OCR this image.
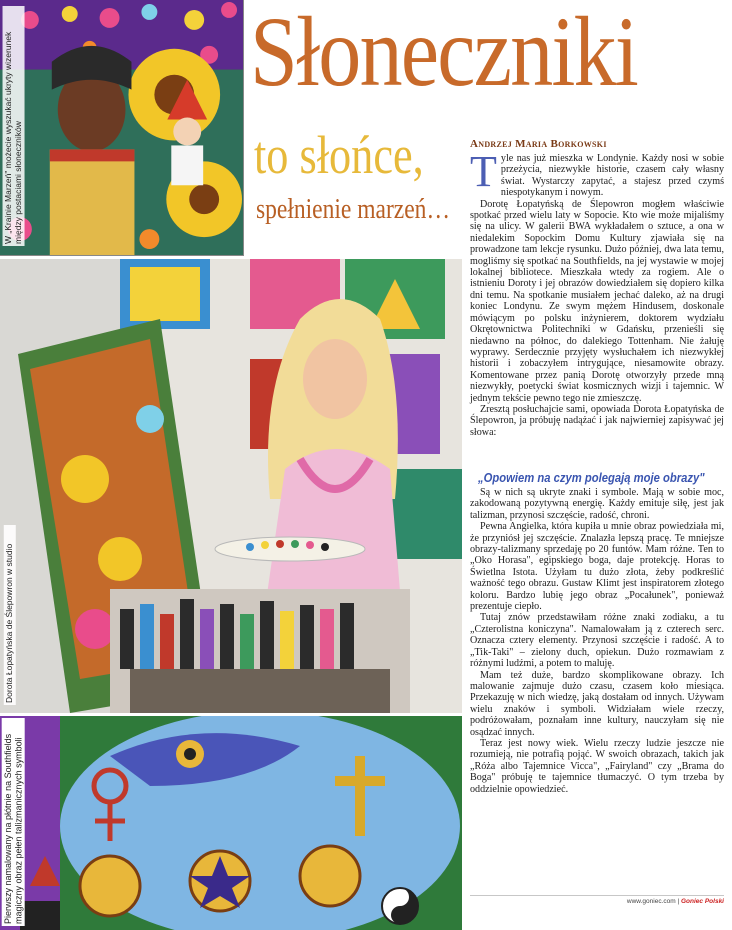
W „Krainie Marzeń" możecie wyszukać ukryty wizerunek między postaciami słoneczników
Słoneczniki
to słońce,
spełnienie marzeń…
Andrzej Maria Borkowski
Dorota Łopatyńska de Ślepowron w studio
Pierwszy namalowany na płótnie na Southfields magiczny obraz pełen talizmanicznych symboli

Tyle nas już mieszka w Londynie. Każdy nosi w sobie przeżycia, niezwykłe historie, czasem cały własny świat. Wystarczy zapytać, a stajesz przed czymś niespotykanym i nowym.

Dorotę Łopatyńską de Ślepowron mogłem właściwie spotkać przed wielu laty w Sopocie. Kto wie może mijaliśmy się na ulicy. W galerii BWA wykładałem o sztuce, a ona w niedalekim Sopockim Domu Kultury zjawiała się na prowadzone tam lekcje rysunku. Dużo później, dwa lata temu, mogliśmy się spotkać na Southfields, na jej wystawie w mojej lokalnej bibliotece. Mieszkała wtedy za rogiem. Ale o istnieniu Doroty i jej obrazów dowiedziałem się dopiero kilka dni temu. Na spotkanie musiałem jechać daleko, aż na drugi koniec Londynu. Ze swym mężem Hindusem, doskonale mówiącym po polsku inżynierem, doktorem wydziału Okrętownictwa Politechniki w Gdańsku, przenieśli się niedawno na północ, do dalekiego Tottenham. Nie żałuję wyprawy. Serdecznie przyjęty wysłuchałem ich niezwykłej historii i zobaczyłem intrygujące, niesamowite obrazy. Komentowane przez panią Dorotę otworzyły przede mną niezwykły, poetycki świat kosmicznych wizji i tajemnic. W jednym tekście pewno tego nie zmieszczę.

Zresztą posłuchajcie sami, opowiada Dorota Łopatyńska de Ślepowron, ja próbuję nadążać i jak najwierniej zapisywać jej słowa:

„Opowiem na czym polegają moje obrazy"

Są w nich są ukryte znaki i symbole. Mają w sobie moc, zakodowaną pozytywną energię. Każdy emituje siłę, jest jak talizman, przynosi szczęście, radość, chroni.

Pewna Angielka, która kupiła u mnie obraz powiedziała mi, że przyniósł jej szczęście. Znalazła lepszą pracę. Te mniejsze obrazy-talizmany sprzedaję po 20 funtów. Mam różne. Ten to „Oko Horasa", egipskiego boga, daje protekcję. Horas to Świetlna Istota. Użyłam tu dużo złota, żeby podkreślić ważność tego obrazu. Gustaw Klimt jest inspiratorem złotego koloru. Bardzo lubię jego obraz „Pocałunek", ponieważ prezentuje ciepło.

Tutaj znów przedstawiłam różne znaki zodiaku, a tu „Czterolistna koniczyna". Namalowałam ją z czterech serc. Oznacza cztery elementy. Przynosi szczęście i radość. A to „Tik-Taki" – zielony duch, opiekun. Dużo rozmawiam z różnymi ludźmi, a potem to maluję.

Mam też duże, bardzo skomplikowane obrazy. Ich malowanie zajmuje dużo czasu, czasem koło miesiąca. Przekazuję w nich wiedzę, jaką dostałam od innych. Używam wielu znaków i symboli. Widziałam wiele rzeczy, podróżowałam, poznałam inne kultury, nauczyłam się nie osądzać innych.

Teraz jest nowy wiek. Wielu rzeczy ludzie jeszcze nie rozumieją, nie potrafią pojąć. W swoich obrazach, takich jak „Róża albo Tajemnice Vicca", „Fairyland" czy „Brama do Boga" próbuję te tajemnice tłumaczyć. O tym trzeba by oddzielnie opowiedzieć.

www.goniec.com | Goniec Polski
